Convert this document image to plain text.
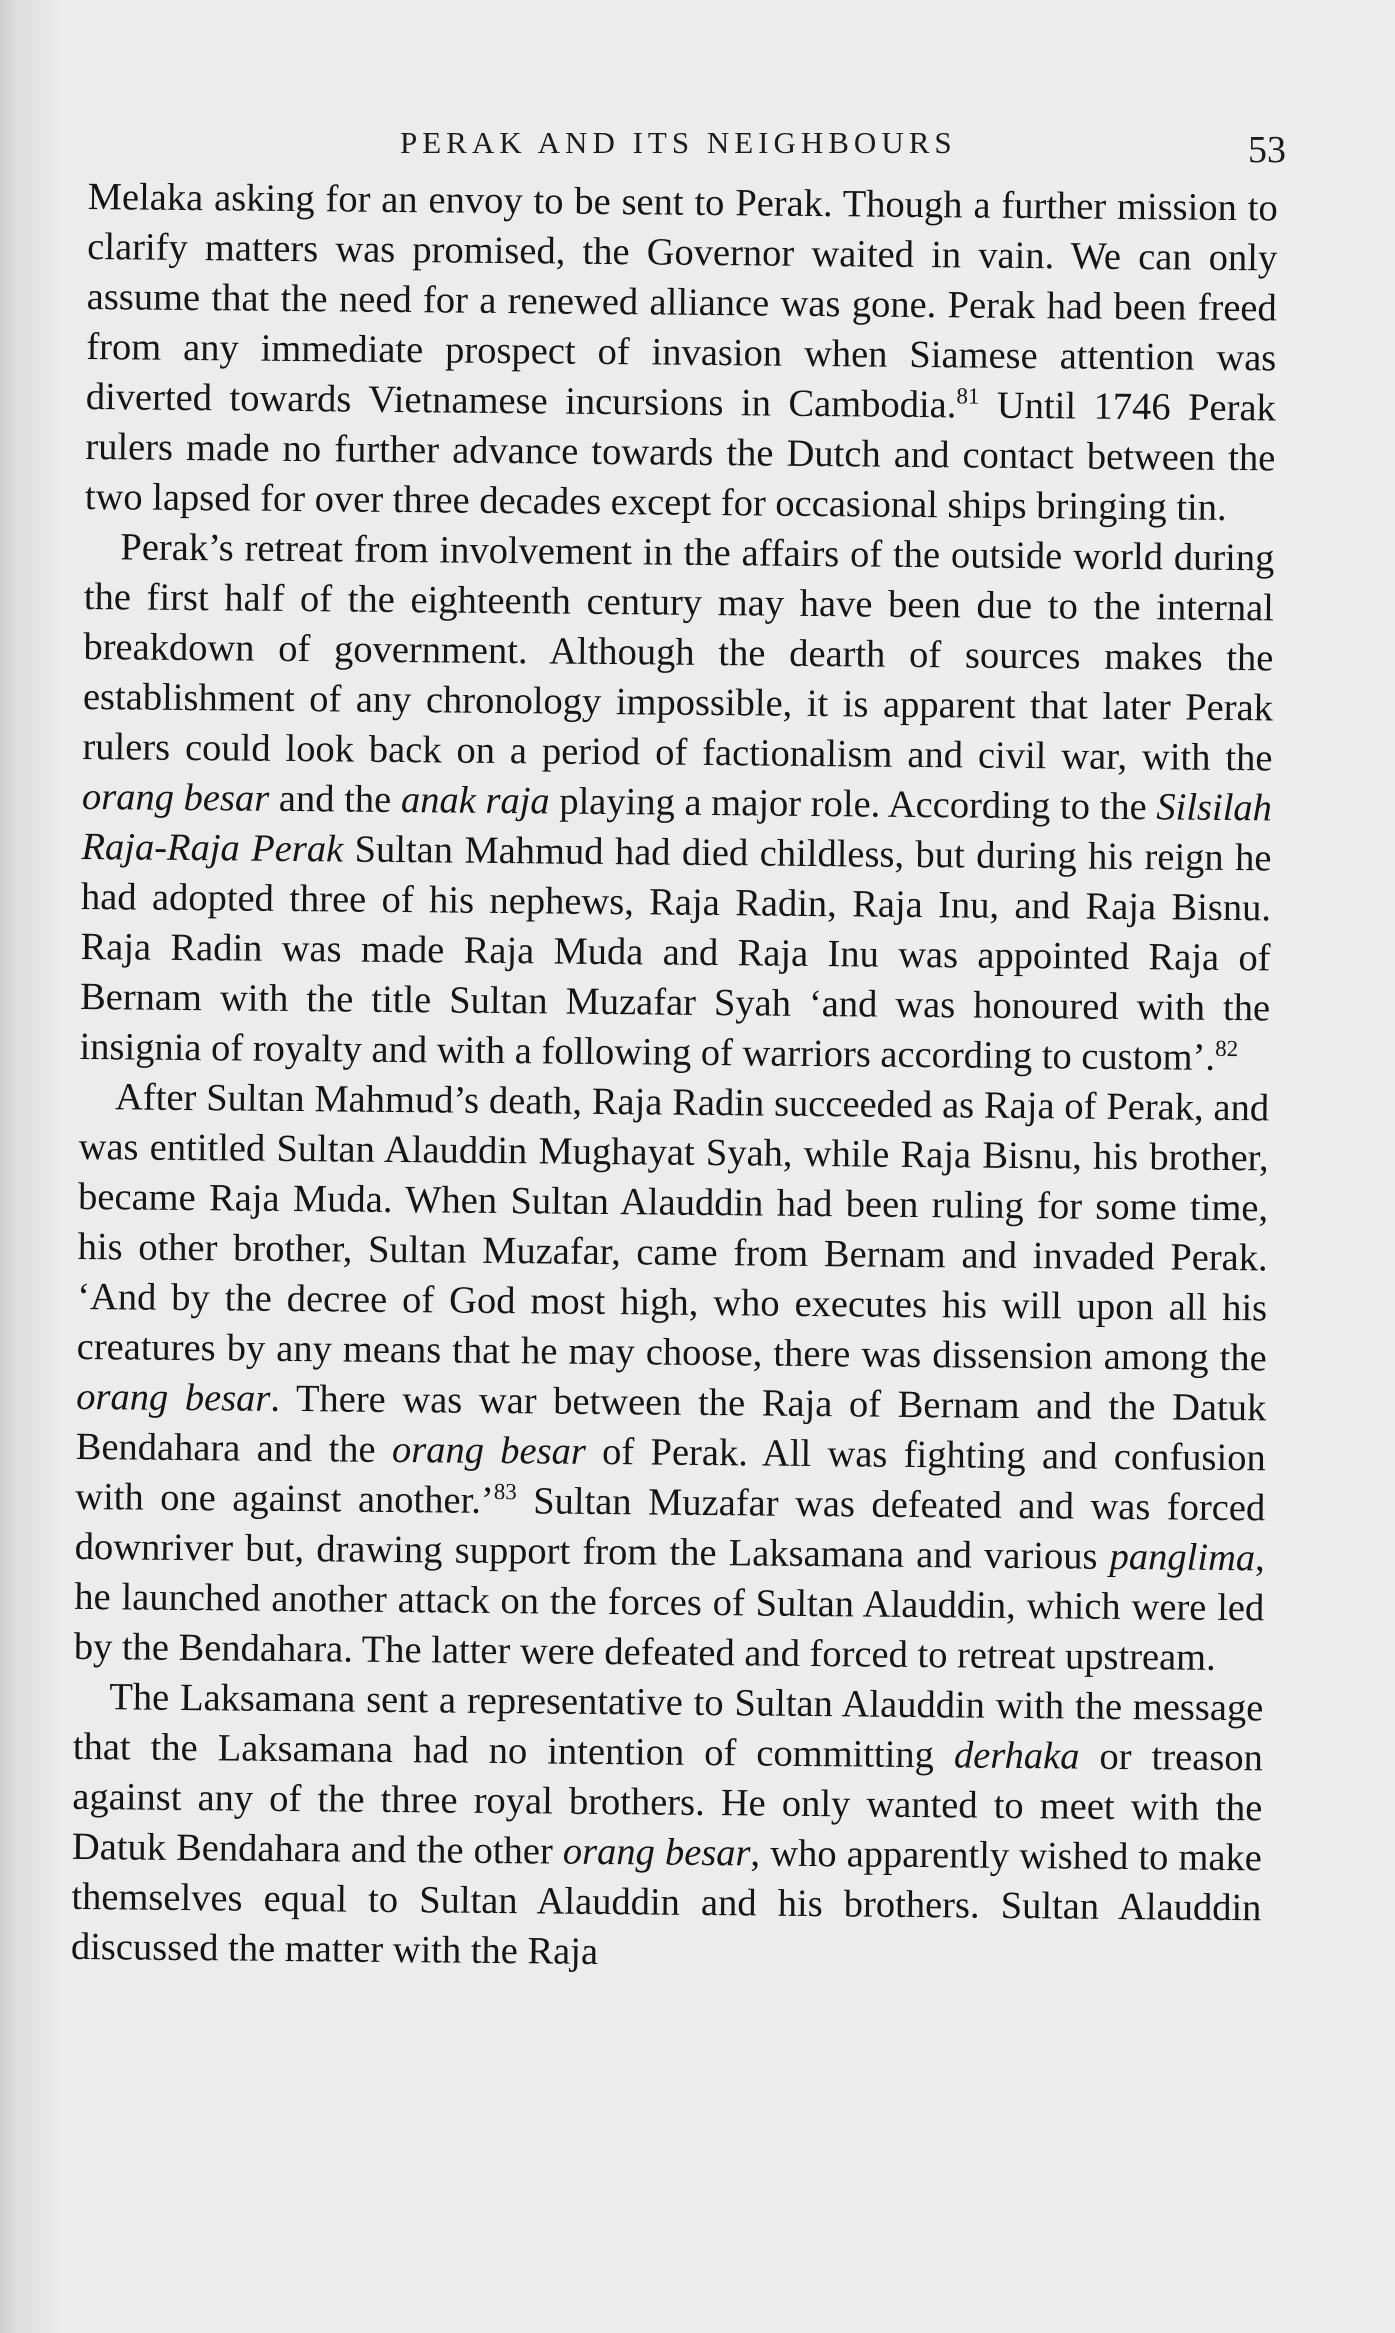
PERAK AND ITS NEIGHBOURS	53

Melaka asking for an envoy to be sent to Perak. Though a further mission to clarify matters was promised, the Governor waited in vain. We can only assume that the need for a renewed alliance was gone. Perak had been freed from any immediate prospect of invasion when Siamese attention was diverted towards Vietnamese incursions in Cambodia.$^{81}$ Until 1746 Perak rulers made no further advance towards the Dutch and contact between the two lapsed for over three decades except for occasional ships bringing tin.

Perak’s retreat from involvement in the affairs of the outside world during the first half of the eighteenth century may have been due to the internal breakdown of government. Although the dearth of sources makes the establishment of any chronology impossible, it is apparent that later Perak rulers could look back on a period of factionalism and civil war, with the orang besar and the anak raja playing a major role. According to the Silsilah Raja-Raja Perak Sultan Mahmud had died childless, but during his reign he had adopted three of his nephews, Raja Radin, Raja Inu, and Raja Bisnu. Raja Radin was made Raja Muda and Raja Inu was appointed Raja of Bernam with the title Sultan Muzafar Syah ‘and was honoured with the insignia of royalty and with a following of warriors according to custom’.$^{82}$

After Sultan Mahmud’s death, Raja Radin succeeded as Raja of Perak, and was entitled Sultan Alauddin Mughayat Syah, while Raja Bisnu, his brother, became Raja Muda. When Sultan Alauddin had been ruling for some time, his other brother, Sultan Muzafar, came from Bernam and invaded Perak. ‘And by the decree of God most high, who executes his will upon all his creatures by any means that he may choose, there was dissension among the orang besar. There was war between the Raja of Bernam and the Datuk Bendahara and the orang besar of Perak. All was fighting and confusion with one against another.’$^{83}$ Sultan Muzafar was defeated and was forced downriver but, drawing support from the Laksamana and various panglima, he launched another attack on the forces of Sultan Alauddin, which were led by the Bendahara. The latter were defeated and forced to retreat upstream.

The Laksamana sent a representative to Sultan Alauddin with the message that the Laksamana had no intention of committing derhaka or treason against any of the three royal brothers. He only wanted to meet with the Datuk Bendahara and the other orang besar, who apparently wished to make themselves equal to Sultan Alauddin and his brothers. Sultan Alauddin discussed the matter with the Raja
